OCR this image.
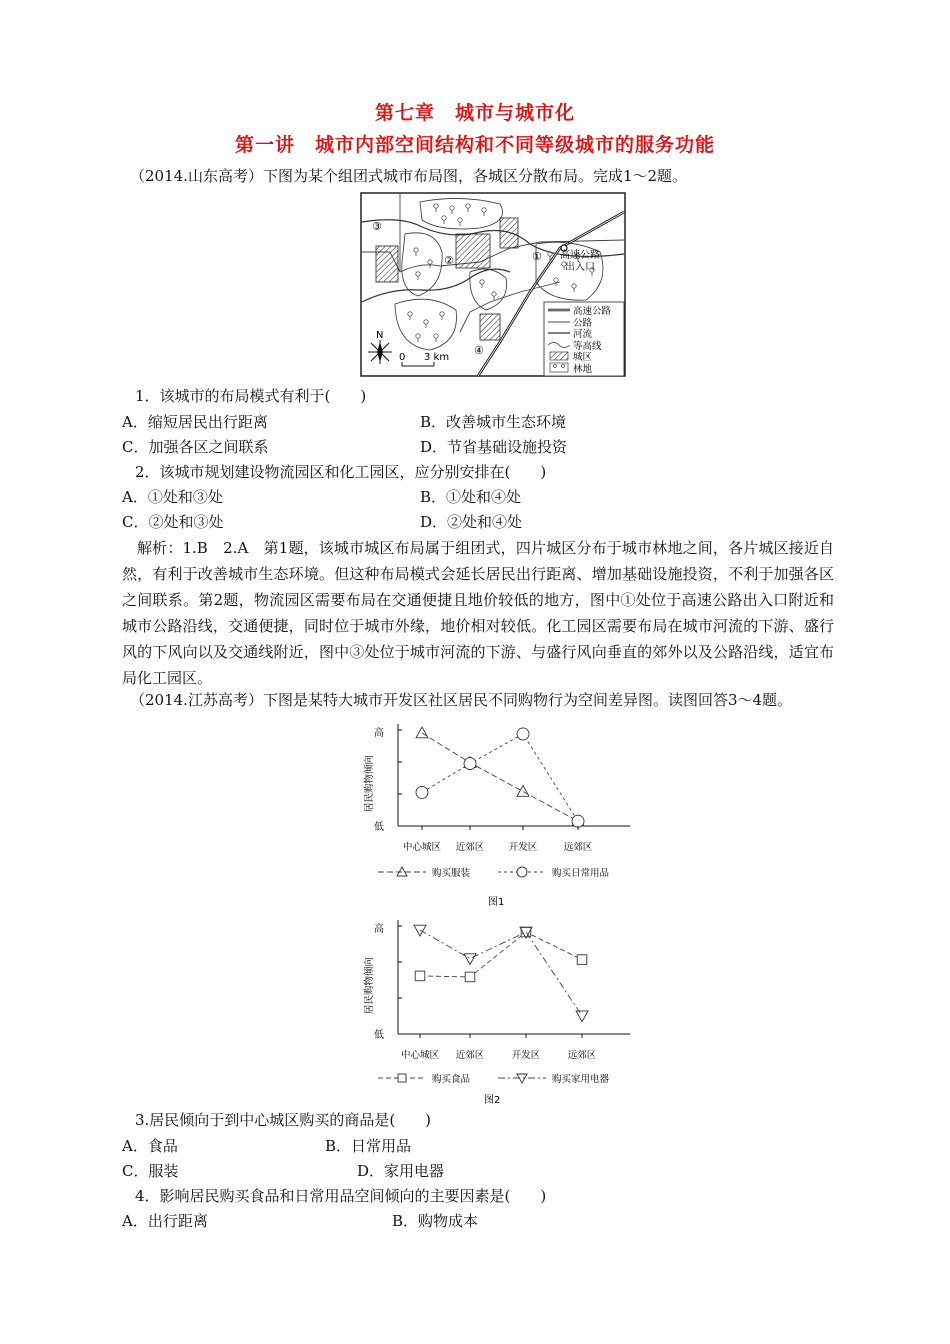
第七章　城市与城市化
第一讲　城市内部空间结构和不同等级城市的服务功能
（2014.山东高考）下图为某个组团式城市布局图，各城区分散布局。完成1～2题。
③
②	①
④
高速公路
出入口
N
0 3 km
高速公路
公路
河流
等高线
城区
林地
1．该城市的布局模式有利于(　　)
A．缩短居民出行距离	B．改善城市生态环境
C．加强各区之间联系	D．节省基础设施投资
2．该城市规划建设物流园区和化工园区，应分别安排在(　　)
A．①处和③处	B．①处和④处
C．②处和③处	D．②处和④处
解析：1.B　2.A　第1题，该城市城区布局属于组团式，四片城区分布于城市林地之间，各片城区接近自然，有利于改善城市生态环境。但这种布局模式会延长居民出行距离、增加基础设施投资，不利于加强各区之间联系。第2题，物流园区需要布局在交通便捷且地价较低的地方，图中①处位于高速公路出入口附近和城市公路沿线，交通便捷，同时位于城市外缘，地价相对较低。化工园区需要布局在城市河流的下游、盛行风的下风向以及交通线附近，图中③处位于城市河流的下游、与盛行风向垂直的郊外以及公路沿线，适宜布局化工园区。
（2014.江苏高考）下图是某特大城市开发区社区居民不同购物行为空间差异图。读图回答3～4题。
高
低
居民购物倾向
中心城区 近郊区	开发区	远郊区
购买服装	购买日常用品
图1
高
低
居民购物倾向
中心城区 近郊区	开发区	远郊区
购买食品	购买家用电器
图2
3.居民倾向于到中心城区购买的商品是(　　)
A．食品	B．日常用品
C．服装	D．家用电器
4．影响居民购买食品和日常用品空间倾向的主要因素是(　　)
A．出行距离	B．购物成本
